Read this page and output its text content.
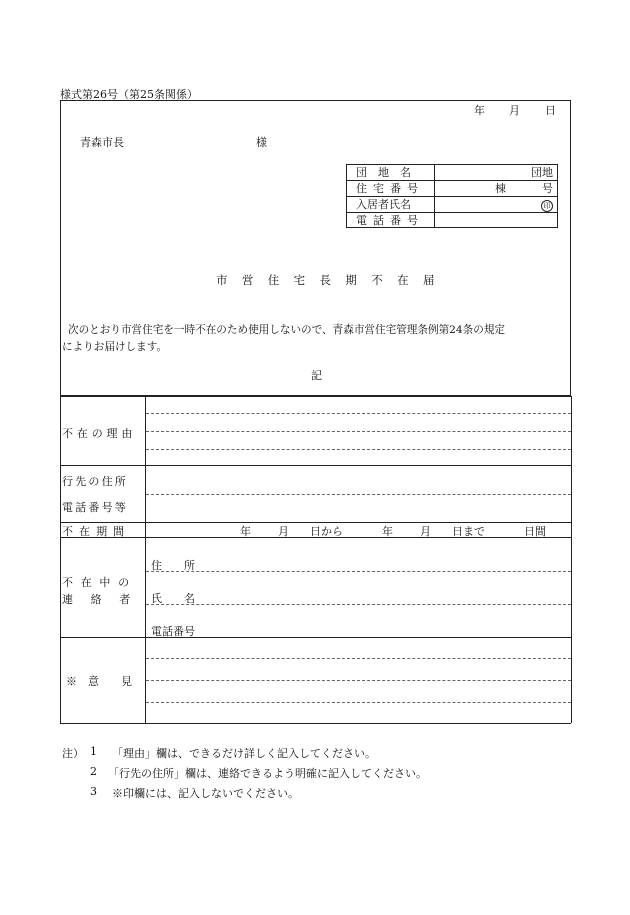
様式第26号（第25条関係）
年 月 日
青森市長	様
団　地　名	団地
住宅番号	棟	号
入居者氏名	印
電話番号
市営住宅長期不在届
次のとおり市営住宅を一時不在のため使用しないので、青森市営住宅管理条例第24条の規定
によりお届けします。
記
不在の理由
行先の住所
電話番号等
不在期間	年 月 日から	年 月 日まで	日間
不在中の
連絡者
住　　所
氏　　名
電話番号
※　意　　見
注） 1 「理由」欄は、できるだけ詳しく記入してください。
2 「行先の住所」欄は、連絡できるよう明確に記入してください。
3 ※印欄には、記入しないでください。
